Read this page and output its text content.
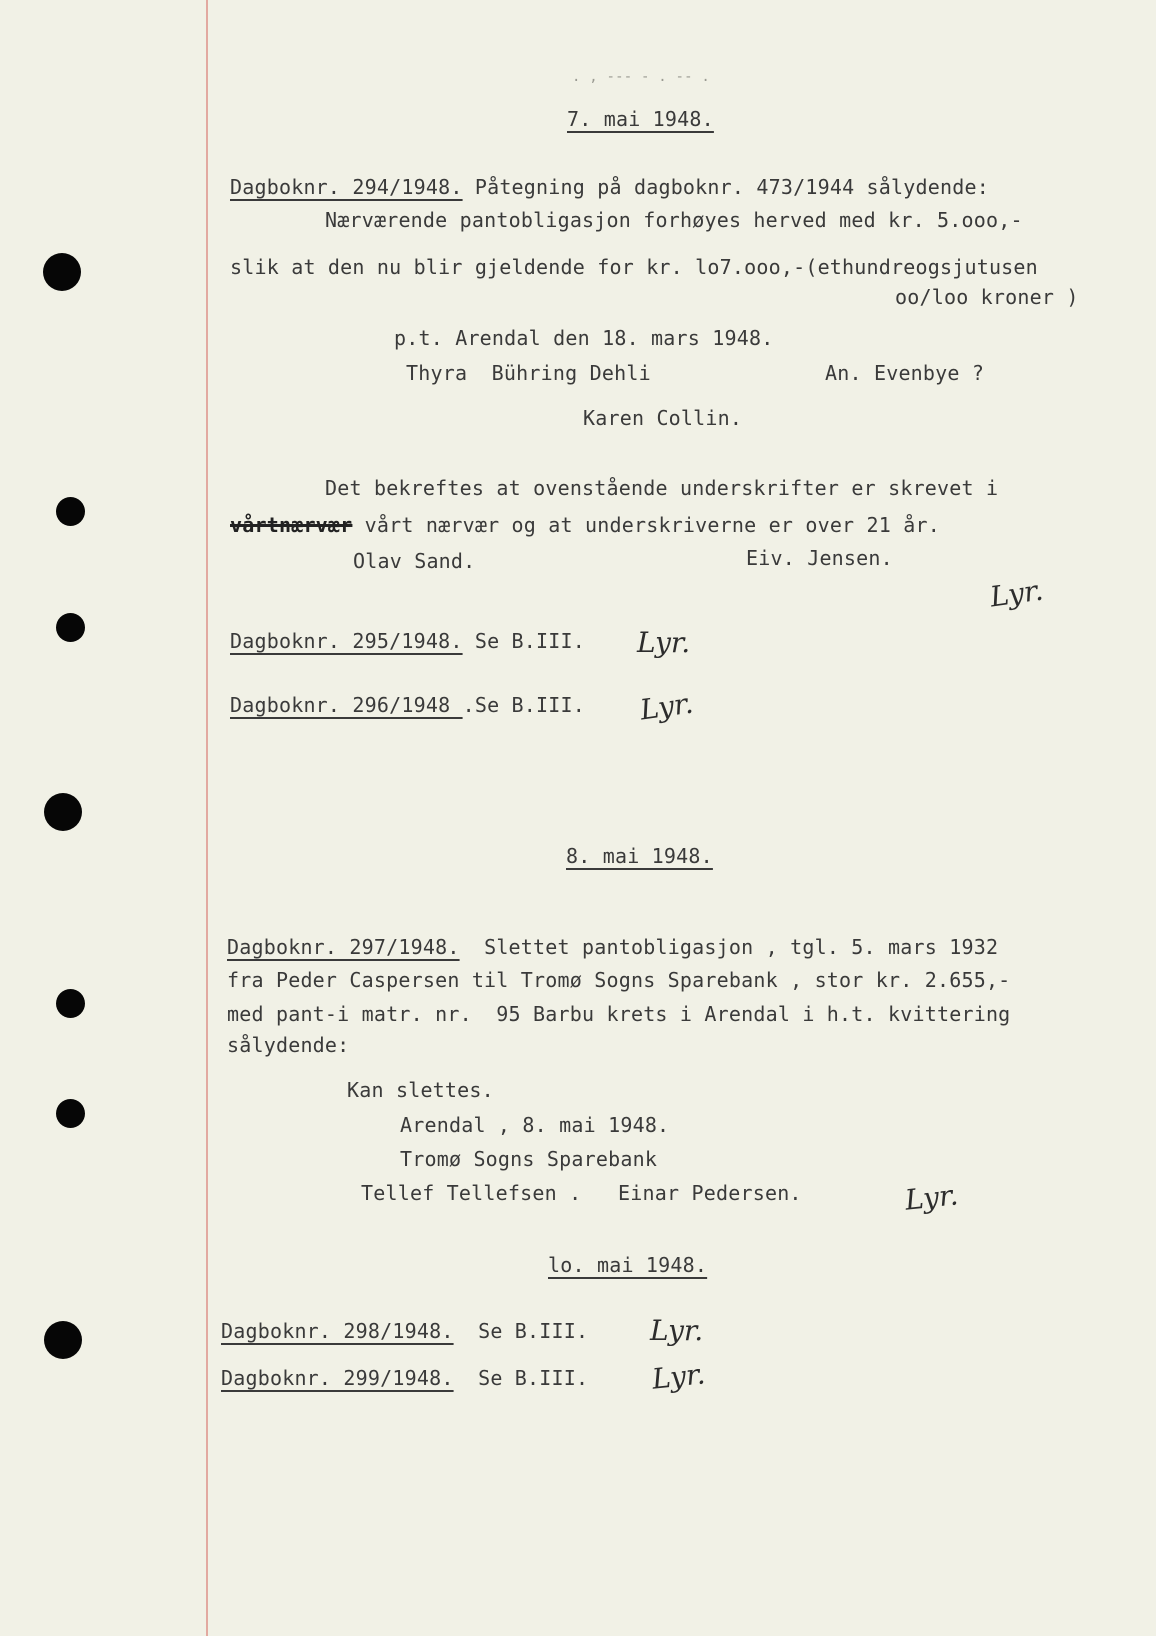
. , --- - . -- .
7. mai 1948.
Dagboknr. 294/1948. Påtegning på dagboknr. 473/1944 sålydende:
Nærværende pantobligasjon forhøyes herved med kr. 5.ooo,-
slik at den nu blir gjeldende for kr. lo7.ooo,-(ethundreogsjutusen
oo/loo kroner )
p.t. Arendal den 18. mars 1948.
Thyra  Bühring Dehli	An. Evenbye ?
Karen Collin.
Det bekreftes at ovenstående underskrifter er skrevet i
vårtnærvær vårt nærvær og at underskriverne er over 21 år.
Olav Sand.	Eiv. Jensen.
Lyr.
Dagboknr. 295/1948. Se B.III. Lyr.
Dagboknr. 296/1948 .Se B.III. Lyr.
8. mai 1948.
Dagboknr. 297/1948.  Slettet pantobligasjon , tgl. 5. mars 1932
fra Peder Caspersen til Tromø Sogns Sparebank , stor kr. 2.655,-
med pant-i matr. nr.  95 Barbu krets i Arendal i h.t. kvittering
sålydende:
Kan slettes.
Arendal , 8. mai 1948.
Tromø Sogns Sparebank
Tellef Tellefsen .   Einar Pedersen.	Lyr.
lo. mai 1948.
Dagboknr. 298/1948.  Se B.III. Lyr.
Dagboknr. 299/1948.  Se B.III. Lyr.
